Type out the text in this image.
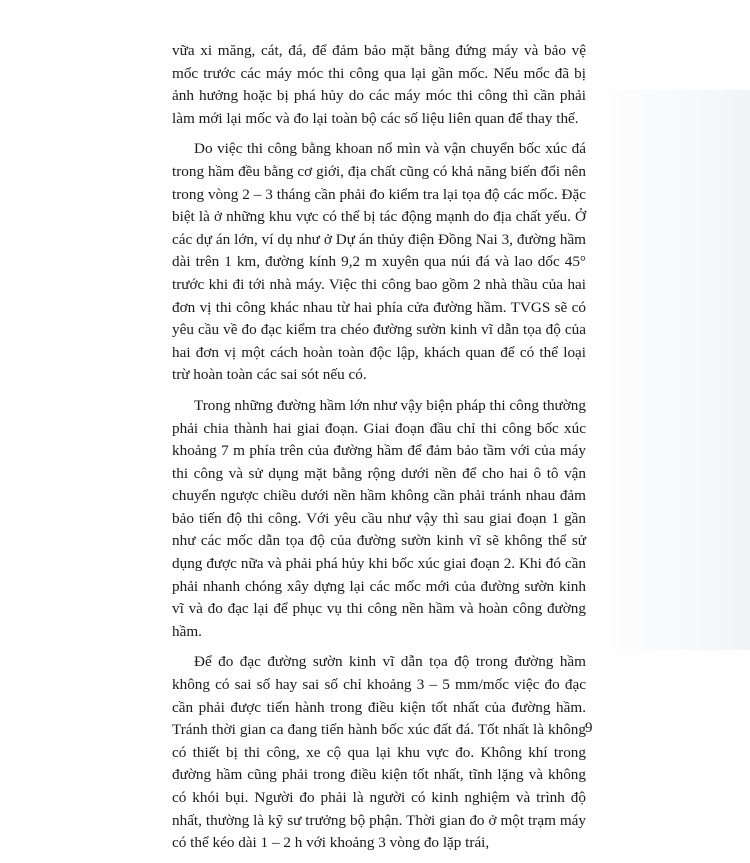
vữa xi măng, cát, đá, để đảm bảo mặt bằng đứng máy và bảo vệ mốc trước các máy móc thi công qua lại gần mốc. Nếu mốc đã bị ảnh hưởng hoặc bị phá hủy do các máy móc thi công thì cần phải làm mới lại mốc và đo lại toàn bộ các số liệu liên quan để thay thế.

Do việc thi công bằng khoan nổ mìn và vận chuyển bốc xúc đá trong hầm đều bằng cơ giới, địa chất cũng có khả năng biến đổi nên trong vòng 2 – 3 tháng cần phải đo kiểm tra lại tọa độ các mốc. Đặc biệt là ở những khu vực có thể bị tác động mạnh do địa chất yếu. Ở các dự án lớn, ví dụ như ở Dự án thủy điện Đồng Nai 3, đường hầm dài trên 1 km, đường kính 9,2 m xuyên qua núi đá và lao dốc 45° trước khi đi tới nhà máy. Việc thi công bao gồm 2 nhà thầu của hai đơn vị thi công khác nhau từ hai phía cửa đường hầm. TVGS sẽ có yêu cầu về đo đạc kiểm tra chéo đường sườn kinh vĩ dẫn tọa độ của hai đơn vị một cách hoàn toàn độc lập, khách quan để có thể loại trừ hoàn toàn các sai sót nếu có.

Trong những đường hầm lớn như vậy biện pháp thi công thường phải chia thành hai giai đoạn. Giai đoạn đầu chỉ thi công bốc xúc khoảng 7 m phía trên của đường hầm để đảm bảo tầm với của máy thi công và sử dụng mặt bằng rộng dưới nền để cho hai ô tô vận chuyển ngược chiều dưới nền hầm không cần phải tránh nhau đảm bảo tiến độ thi công. Với yêu cầu như vậy thì sau giai đoạn 1 gần như các mốc dẫn tọa độ của đường sườn kinh vĩ sẽ không thể sử dụng được nữa và phải phá hủy khi bốc xúc giai đoạn 2. Khi đó cần phải nhanh chóng xây dựng lại các mốc mới của đường sườn kinh vĩ và đo đạc lại để phục vụ thi công nền hầm và hoàn công đường hầm.

Để đo đạc đường sườn kinh vĩ dẫn tọa độ trong đường hầm không có sai số hay sai số chỉ khoảng 3 – 5 mm/mốc việc đo đạc cần phải được tiến hành trong điều kiện tốt nhất của đường hầm. Tránh thời gian ca đang tiến hành bốc xúc đất đá. Tốt nhất là không có thiết bị thi công, xe cộ qua lại khu vực đo. Không khí trong đường hầm cũng phải trong điều kiện tốt nhất, tĩnh lặng và không có khói bụi. Người đo phải là người có kinh nghiệm và trình độ nhất, thường là kỹ sư trưởng bộ phận. Thời gian đo ở một trạm máy có thể kéo dài 1 – 2 h với khoảng 3 vòng đo lặp trái,

9
